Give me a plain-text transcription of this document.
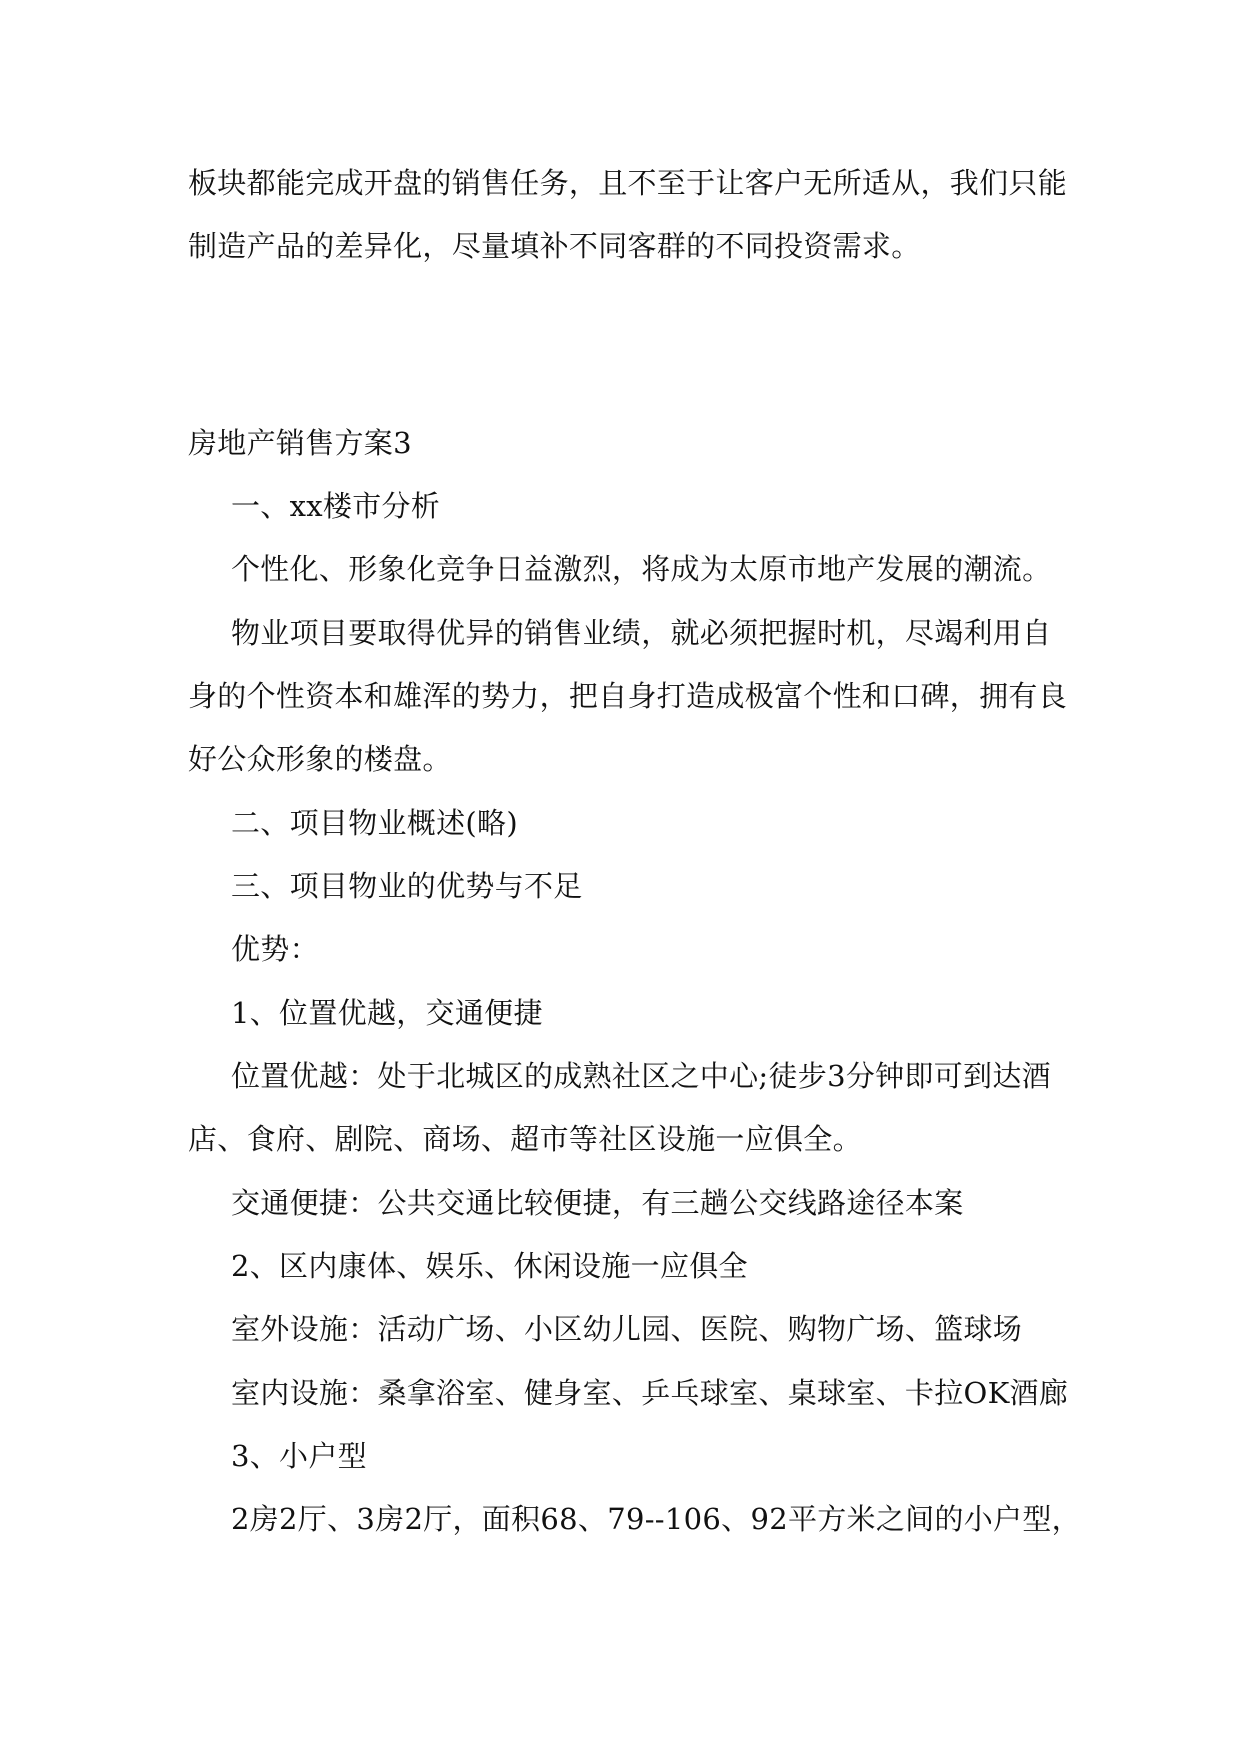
板块都能完成开盘的销售任务，且不至于让客户无所适从，我们只能
制造产品的差异化，尽量填补不同客群的不同投资需求。
房地产销售方案3
一、xx楼市分析
个性化、形象化竞争日益激烈，将成为太原市地产发展的潮流。
物业项目要取得优异的销售业绩，就必须把握时机，尽竭利用自
身的个性资本和雄浑的势力，把自身打造成极富个性和口碑，拥有良
好公众形象的楼盘。
二、项目物业概述(略)
三、项目物业的优势与不足
优势：
1、位置优越，交通便捷
位置优越：处于北城区的成熟社区之中心;徒步3分钟即可到达酒
店、食府、剧院、商场、超市等社区设施一应俱全。
交通便捷：公共交通比较便捷，有三趟公交线路途径本案
2、区内康体、娱乐、休闲设施一应俱全
室外设施：活动广场、小区幼儿园、医院、购物广场、篮球场
室内设施：桑拿浴室、健身室、乒乓球室、桌球室、卡拉OK酒廊
3、小户型
2房2厅、3房2厅，面积68、79--106、92平方米之间的小户型，
